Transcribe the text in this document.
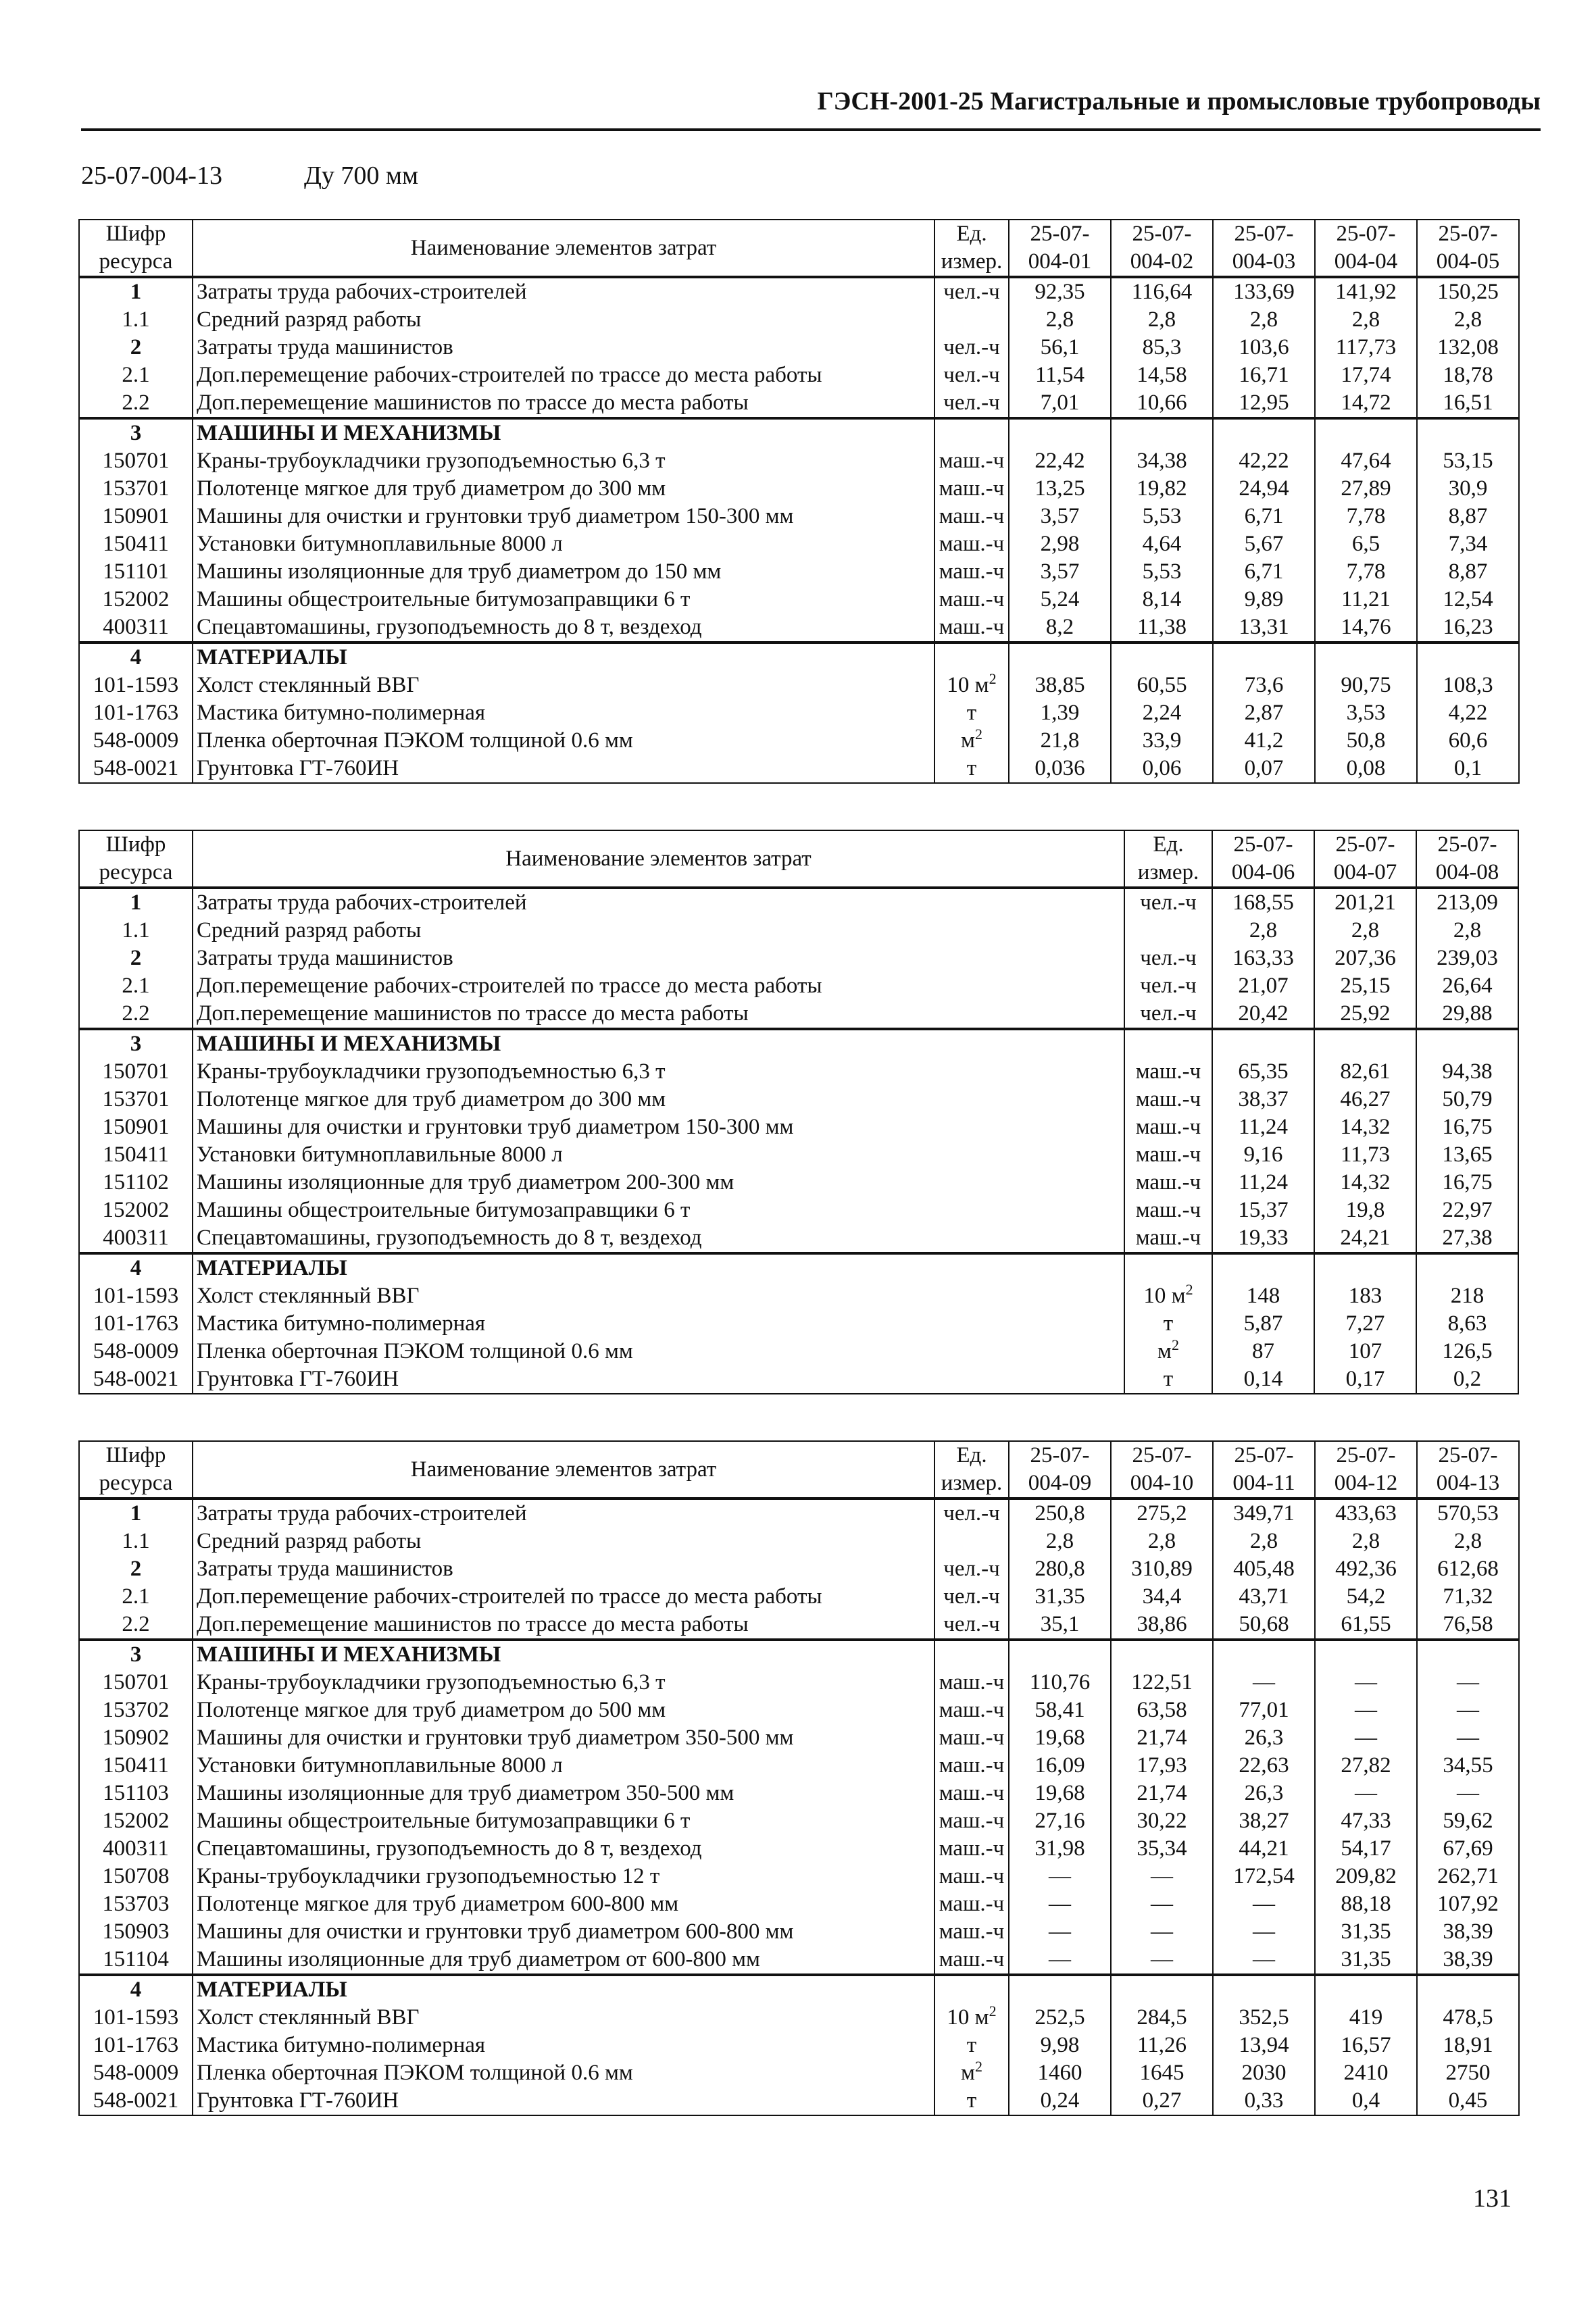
ГЭСН-2001-25 Магистральные и промысловые трубопроводы
25-07-004-13	Ду 700 мм
Шифр	Наименование элементов затрат	Ед.	25-07-	25-07-	25-07-	25-07-	25-07-
ресурса		измер.	004-01	004-02	004-03	004-04	004-05
1	Затраты труда рабочих-строителей	чел.-ч	92,35	116,64	133,69	141,92	150,25
1.1	Средний разряд работы		2,8	2,8	2,8	2,8	2,8
2	Затраты труда машинистов	чел.-ч	56,1	85,3	103,6	117,73	132,08
2.1	Доп.перемещение рабочих-строителей по трассе до места работы	чел.-ч	11,54	14,58	16,71	17,74	18,78
2.2	Доп.перемещение машинистов по трассе до места работы	чел.-ч	7,01	10,66	12,95	14,72	16,51
3	МАШИНЫ И МЕХАНИЗМЫ						
150701	Краны-трубоукладчики грузоподъемностью 6,3 т	маш.-ч	22,42	34,38	42,22	47,64	53,15
153701	Полотенце мягкое для труб диаметром до 300 мм	маш.-ч	13,25	19,82	24,94	27,89	30,9
150901	Машины для очистки и грунтовки труб диаметром 150-300 мм	маш.-ч	3,57	5,53	6,71	7,78	8,87
150411	Установки битумноплавильные 8000 л	маш.-ч	2,98	4,64	5,67	6,5	7,34
151101	Машины изоляционные для труб диаметром до 150 мм	маш.-ч	3,57	5,53	6,71	7,78	8,87
152002	Машины общестроительные битумозаправщики 6 т	маш.-ч	5,24	8,14	9,89	11,21	12,54
400311	Спецавтомашины, грузоподъемность до 8 т, вездеход	маш.-ч	8,2	11,38	13,31	14,76	16,23
4	МАТЕРИАЛЫ						
101-1593	Холст стеклянный ВВГ	10 $м^2$	38,85	60,55	73,6	90,75	108,3
101-1763	Мастика битумно-полимерная	т	1,39	2,24	2,87	3,53	4,22
548-0009	Пленка оберточная ПЭКОМ толщиной 0.6 мм	$м^2$	21,8	33,9	41,2	50,8	60,6
548-0021	Грунтовка ГТ-760ИН	т	0,036	0,06	0,07	0,08	0,1
Шифр	Наименование элементов затрат	Ед.	25-07-	25-07-	25-07-
ресурса		измер.	004-06	004-07	004-08
1	Затраты труда рабочих-строителей	чел.-ч	168,55	201,21	213,09
1.1	Средний разряд работы		2,8	2,8	2,8
2	Затраты труда машинистов	чел.-ч	163,33	207,36	239,03
2.1	Доп.перемещение рабочих-строителей по трассе до места работы	чел.-ч	21,07	25,15	26,64
2.2	Доп.перемещение машинистов по трассе до места работы	чел.-ч	20,42	25,92	29,88
3	МАШИНЫ И МЕХАНИЗМЫ				
150701	Краны-трубоукладчики грузоподъемностью 6,3 т	маш.-ч	65,35	82,61	94,38
153701	Полотенце мягкое для труб диаметром до 300 мм	маш.-ч	38,37	46,27	50,79
150901	Машины для очистки и грунтовки труб диаметром 150-300 мм	маш.-ч	11,24	14,32	16,75
150411	Установки битумноплавильные 8000 л	маш.-ч	9,16	11,73	13,65
151102	Машины изоляционные для труб диаметром 200-300 мм	маш.-ч	11,24	14,32	16,75
152002	Машины общестроительные битумозаправщики 6 т	маш.-ч	15,37	19,8	22,97
400311	Спецавтомашины, грузоподъемность до 8 т, вездеход	маш.-ч	19,33	24,21	27,38
4	МАТЕРИАЛЫ				
101-1593	Холст стеклянный ВВГ	10 $м^2$	148	183	218
101-1763	Мастика битумно-полимерная	т	5,87	7,27	8,63
548-0009	Пленка оберточная ПЭКОМ толщиной 0.6 мм	$м^2$	87	107	126,5
548-0021	Грунтовка ГТ-760ИН	т	0,14	0,17	0,2
Шифр	Наименование элементов затрат	Ед.	25-07-	25-07-	25-07-	25-07-	25-07-
ресурса		измер.	004-09	004-10	004-11	004-12	004-13
1	Затраты труда рабочих-строителей	чел.-ч	250,8	275,2	349,71	433,63	570,53
1.1	Средний разряд работы		2,8	2,8	2,8	2,8	2,8
2	Затраты труда машинистов	чел.-ч	280,8	310,89	405,48	492,36	612,68
2.1	Доп.перемещение рабочих-строителей по трассе до места работы	чел.-ч	31,35	34,4	43,71	54,2	71,32
2.2	Доп.перемещение машинистов по трассе до места работы	чел.-ч	35,1	38,86	50,68	61,55	76,58
3	МАШИНЫ И МЕХАНИЗМЫ						
150701	Краны-трубоукладчики грузоподъемностью 6,3 т	маш.-ч	110,76	122,51	—	—	—
153702	Полотенце мягкое для труб диаметром до 500 мм	маш.-ч	58,41	63,58	77,01	—	—
150902	Машины для очистки и грунтовки труб диаметром 350-500 мм	маш.-ч	19,68	21,74	26,3	—	—
150411	Установки битумноплавильные 8000 л	маш.-ч	16,09	17,93	22,63	27,82	34,55
151103	Машины изоляционные для труб диаметром 350-500 мм	маш.-ч	19,68	21,74	26,3	—	—
152002	Машины общестроительные битумозаправщики 6 т	маш.-ч	27,16	30,22	38,27	47,33	59,62
400311	Спецавтомашины, грузоподъемность до 8 т, вездеход	маш.-ч	31,98	35,34	44,21	54,17	67,69
150708	Краны-трубоукладчики грузоподъемностью 12 т	маш.-ч	—	—	172,54	209,82	262,71
153703	Полотенце мягкое для труб диаметром 600-800 мм	маш.-ч	—	—	—	88,18	107,92
150903	Машины для очистки и грунтовки труб диаметром 600-800 мм	маш.-ч	—	—	—	31,35	38,39
151104	Машины изоляционные для труб диаметром от 600-800 мм	маш.-ч	—	—	—	31,35	38,39
4	МАТЕРИАЛЫ						
101-1593	Холст стеклянный ВВГ	10 $м^2$	252,5	284,5	352,5	419	478,5
101-1763	Мастика битумно-полимерная	т	9,98	11,26	13,94	16,57	18,91
548-0009	Пленка оберточная ПЭКОМ толщиной 0.6 мм	$м^2$	1460	1645	2030	2410	2750
548-0021	Грунтовка ГТ-760ИН	т	0,24	0,27	0,33	0,4	0,45
131
